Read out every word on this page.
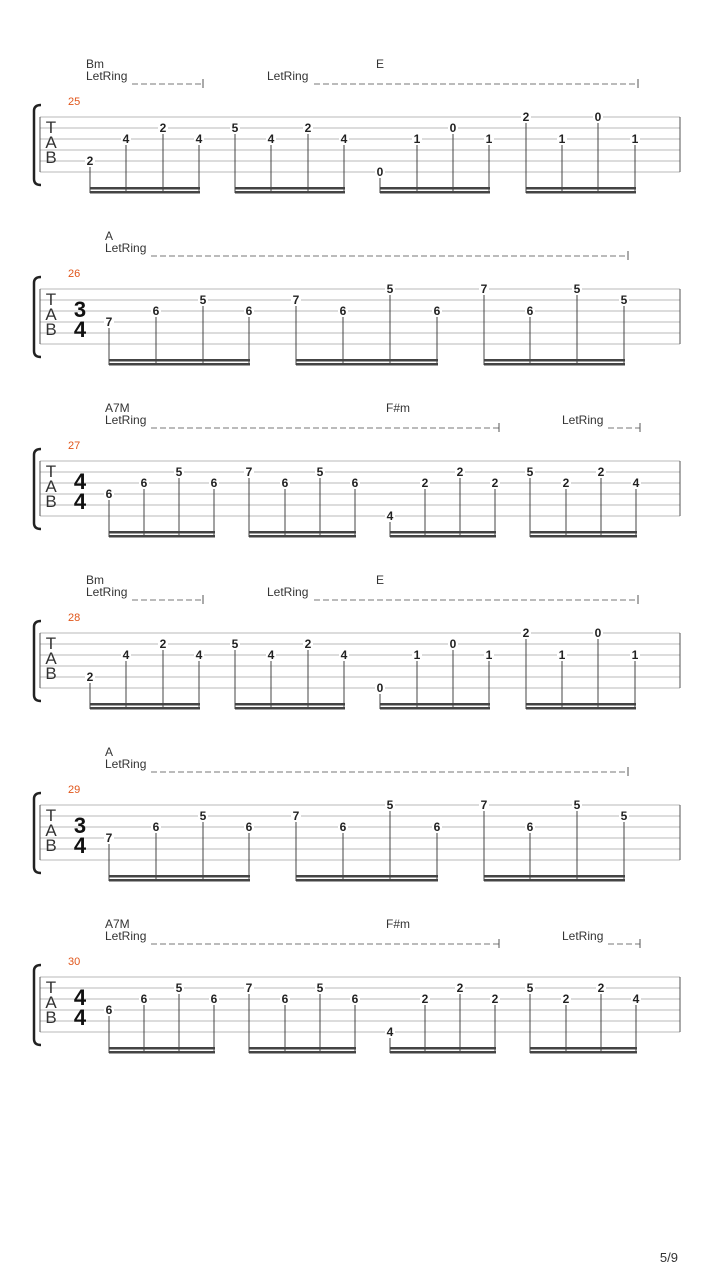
T
A
B
25
Bm	E
LetRing	LetRing
2
4
2
4
5
4
2
4
0
1
0
1
2
1
0
1
T
A
B
26
3
4
A
LetRing
7
6
5
6
7
6
5
6
7
6
5
5
T
A
B
27
4
4
A7M	F#m
LetRing	LetRing
6
6
5
6
7
6
5
6
4
2
2
2
5
2
2
4
T
A
B
28
Bm	E
LetRing	LetRing
2
4
2
4
5
4
2
4
0
1
0
1
2
1
0
1
T
A
B
29
3
4
A
LetRing
7
6
5
6
7
6
5
6
7
6
5
5
T
A
B
30
4
4
A7M	F#m
LetRing	LetRing
6
6
5
6
7
6
5
6
4
2
2
2
5
2
2
4
5/9
